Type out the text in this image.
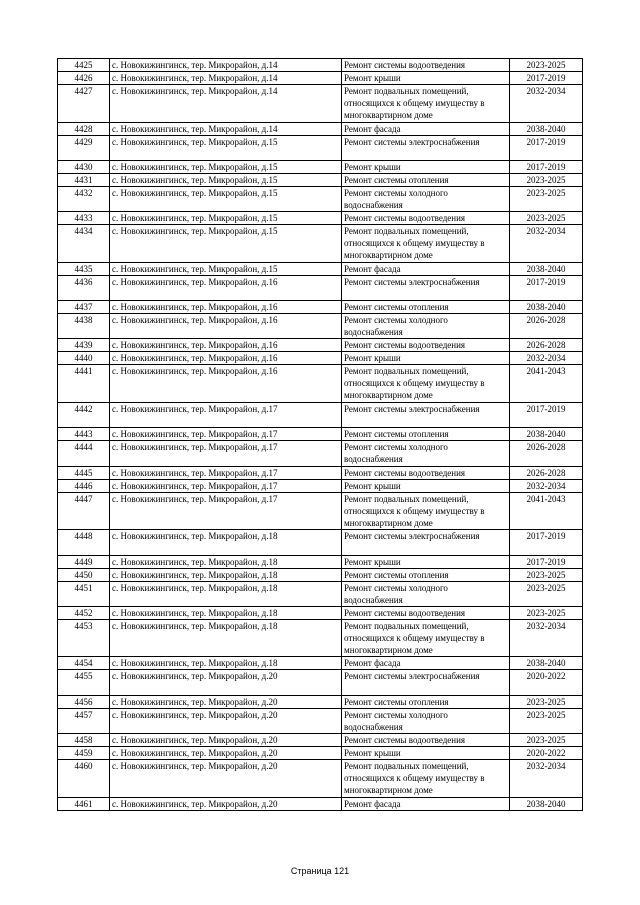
4425	с. Новокижингинск, тер. Микрорайон, д.14	Ремонт системы водоотведения	2023-2025
4426	с. Новокижингинск, тер. Микрорайон, д.14	Ремонт крыши	2017-2019
4427	с. Новокижингинск, тер. Микрорайон, д.14	Ремонт подвальных помещений, относящихся к общему имуществу в многоквартирном доме	2032-2034
4428	с. Новокижингинск, тер. Микрорайон, д.14	Ремонт фасада	2038-2040
4429	с. Новокижингинск, тер. Микрорайон, д.15	Ремонт системы электроснабжения	2017-2019
4430	с. Новокижингинск, тер. Микрорайон, д.15	Ремонт крыши	2017-2019
4431	с. Новокижингинск, тер. Микрорайон, д.15	Ремонт системы отопления	2023-2025
4432	с. Новокижингинск, тер. Микрорайон, д.15	Ремонт системы холодного водоснабжения	2023-2025
4433	с. Новокижингинск, тер. Микрорайон, д.15	Ремонт системы водоотведения	2023-2025
4434	с. Новокижингинск, тер. Микрорайон, д.15	Ремонт подвальных помещений, относящихся к общему имуществу в многоквартирном доме	2032-2034
4435	с. Новокижингинск, тер. Микрорайон, д.15	Ремонт фасада	2038-2040
4436	с. Новокижингинск, тер. Микрорайон, д.16	Ремонт системы электроснабжения	2017-2019
4437	с. Новокижингинск, тер. Микрорайон, д.16	Ремонт системы отопления	2038-2040
4438	с. Новокижингинск, тер. Микрорайон, д.16	Ремонт системы холодного водоснабжения	2026-2028
4439	с. Новокижингинск, тер. Микрорайон, д.16	Ремонт системы водоотведения	2026-2028
4440	с. Новокижингинск, тер. Микрорайон, д.16	Ремонт крыши	2032-2034
4441	с. Новокижингинск, тер. Микрорайон, д.16	Ремонт подвальных помещений, относящихся к общему имуществу в многоквартирном доме	2041-2043
4442	с. Новокижингинск, тер. Микрорайон, д.17	Ремонт системы электроснабжения	2017-2019
4443	с. Новокижингинск, тер. Микрорайон, д.17	Ремонт системы отопления	2038-2040
4444	с. Новокижингинск, тер. Микрорайон, д.17	Ремонт системы холодного водоснабжения	2026-2028
4445	с. Новокижингинск, тер. Микрорайон, д.17	Ремонт системы водоотведения	2026-2028
4446	с. Новокижингинск, тер. Микрорайон, д.17	Ремонт крыши	2032-2034
4447	с. Новокижингинск, тер. Микрорайон, д.17	Ремонт подвальных помещений, относящихся к общему имуществу в многоквартирном доме	2041-2043
4448	с. Новокижингинск, тер. Микрорайон, д.18	Ремонт системы электроснабжения	2017-2019
4449	с. Новокижингинск, тер. Микрорайон, д.18	Ремонт крыши	2017-2019
4450	с. Новокижингинск, тер. Микрорайон, д.18	Ремонт системы отопления	2023-2025
4451	с. Новокижингинск, тер. Микрорайон, д.18	Ремонт системы холодного водоснабжения	2023-2025
4452	с. Новокижингинск, тер. Микрорайон, д.18	Ремонт системы водоотведения	2023-2025
4453	с. Новокижингинск, тер. Микрорайон, д.18	Ремонт подвальных помещений, относящихся к общему имуществу в многоквартирном доме	2032-2034
4454	с. Новокижингинск, тер. Микрорайон, д.18	Ремонт фасада	2038-2040
4455	с. Новокижингинск, тер. Микрорайон, д.20	Ремонт системы электроснабжения	2020-2022
4456	с. Новокижингинск, тер. Микрорайон, д.20	Ремонт системы отопления	2023-2025
4457	с. Новокижингинск, тер. Микрорайон, д.20	Ремонт системы холодного водоснабжения	2023-2025
4458	с. Новокижингинск, тер. Микрорайон, д.20	Ремонт системы водоотведения	2023-2025
4459	с. Новокижингинск, тер. Микрорайон, д.20	Ремонт крыши	2020-2022
4460	с. Новокижингинск, тер. Микрорайон, д.20	Ремонт подвальных помещений, относящихся к общему имуществу в многоквартирном доме	2032-2034
4461	с. Новокижингинск, тер. Микрорайон, д.20	Ремонт фасада	2038-2040
Страница 121
